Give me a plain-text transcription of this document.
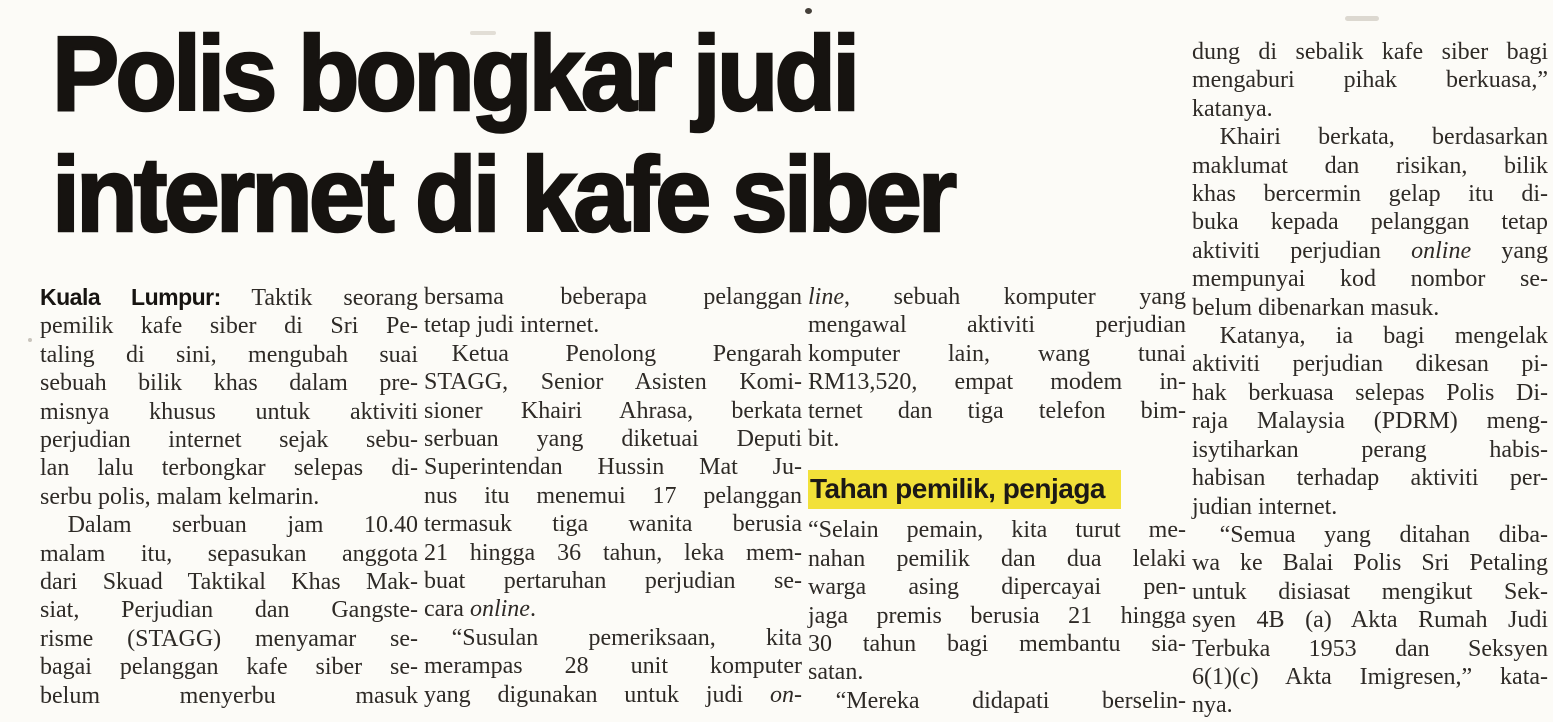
Polis bongkar judi
internet di kafe siber
Kuala Lumpur: Taktik seorang
pemilik kafe siber di Sri Pe-
taling di sini, mengubah suai
sebuah bilik khas dalam pre-
misnya khusus untuk aktiviti
perjudian internet sejak sebu-
lan lalu terbongkar selepas di-
serbu polis, malam kelmarin.
Dalam serbuan jam 10.40
malam itu, sepasukan anggota
dari Skuad Taktikal Khas Mak-
siat, Perjudian dan Gangste-
risme (STAGG) menyamar se-
bagai pelanggan kafe siber se-
belum menyerbu masuk
bersama beberapa pelanggan
tetap judi internet.
Ketua Penolong Pengarah
STAGG, Senior Asisten Komi-
sioner Khairi Ahrasa, berkata
serbuan yang diketuai Deputi
Superintendan Hussin Mat Ju-
nus itu menemui 17 pelanggan
termasuk tiga wanita berusia
21 hingga 36 tahun, leka mem-
buat pertaruhan perjudian se-
cara online.
“Susulan pemeriksaan, kita
merampas 28 unit komputer
yang digunakan untuk judi on-
line, sebuah komputer yang
mengawal aktiviti perjudian
komputer lain, wang tunai
RM13,520, empat modem in-
ternet dan tiga telefon bim-
bit.
Tahan pemilik, penjaga
“Selain pemain, kita turut me-
nahan pemilik dan dua lelaki
warga asing dipercayai pen-
jaga premis berusia 21 hingga
30 tahun bagi membantu sia-
satan.
“Mereka didapati berselin-
dung di sebalik kafe siber bagi
mengaburi pihak berkuasa,”
katanya.
Khairi berkata, berdasarkan
maklumat dan risikan, bilik
khas bercermin gelap itu di-
buka kepada pelanggan tetap
aktiviti perjudian online yang
mempunyai kod nombor se-
belum dibenarkan masuk.
Katanya, ia bagi mengelak
aktiviti perjudian dikesan pi-
hak berkuasa selepas Polis Di-
raja Malaysia (PDRM) meng-
isytiharkan perang habis-
habisan terhadap aktiviti per-
judian internet.
“Semua yang ditahan diba-
wa ke Balai Polis Sri Petaling
untuk disiasat mengikut Sek-
syen 4B (a) Akta Rumah Judi
Terbuka 1953 dan Seksyen
6(1)(c) Akta Imigresen,” kata-
nya.
